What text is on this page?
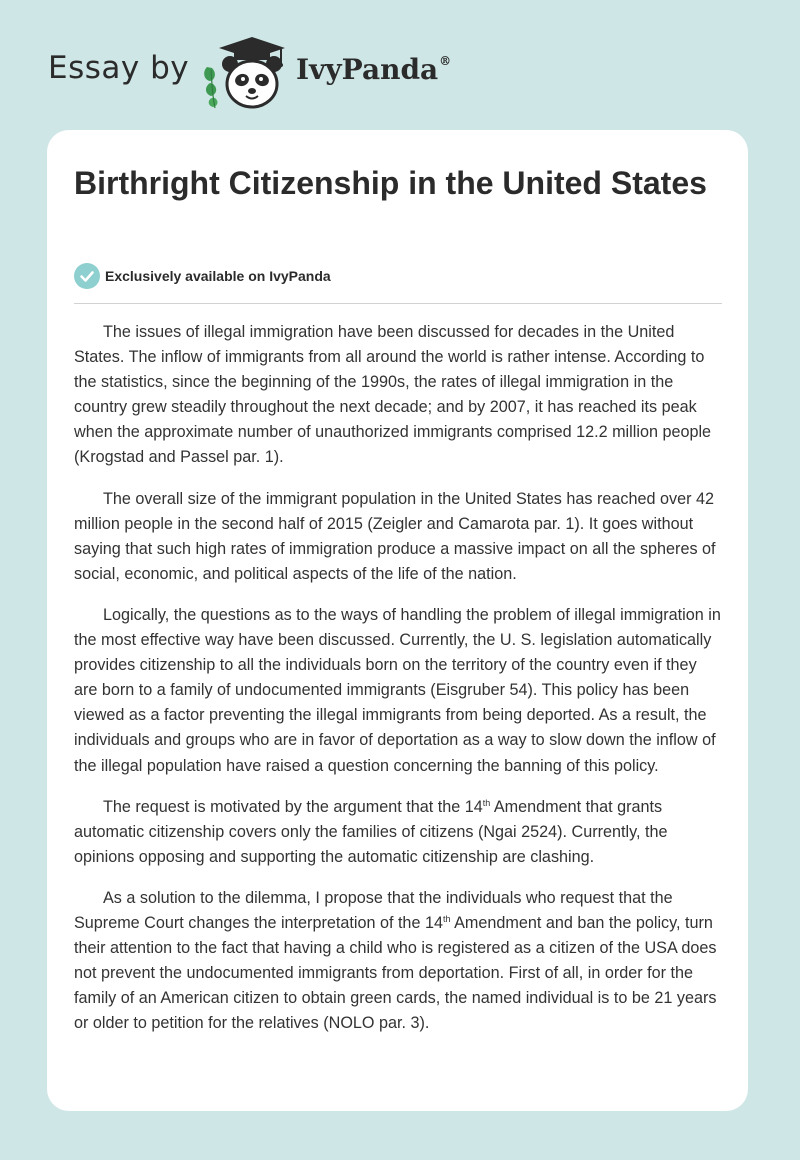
Essay by	IvyPanda®
Birthright Citizenship in the United States
Exclusively available on IvyPanda

The issues of illegal immigration have been discussed for decades in the United States. The inflow of immigrants from all around the world is rather intense. According to the statistics, since the beginning of the 1990s, the rates of illegal immigration in the country grew steadily throughout the next decade; and by 2007, it has reached its peak when the approximate number of unauthorized immigrants comprised 12.2 million people (Krogstad and Passel par. 1).

The overall size of the immigrant population in the United States has reached over 42 million people in the second half of 2015 (Zeigler and Camarota par. 1). It goes without saying that such high rates of immigration produce a massive impact on all the spheres of social, economic, and political aspects of the life of the nation.

Logically, the questions as to the ways of handling the problem of illegal immigration in the most effective way have been discussed. Currently, the U. S. legislation automatically provides citizenship to all the individuals born on the territory of the country even if they are born to a family of undocumented immigrants (Eisgruber 54). This policy has been viewed as a factor preventing the illegal immigrants from being deported. As a result, the individuals and groups who are in favor of deportation as a way to slow down the inflow of the illegal population have raised a question concerning the banning of this policy.

The request is motivated by the argument that the 14th Amendment that grants automatic citizenship covers only the families of citizens (Ngai 2524). Currently, the opinions opposing and supporting the automatic citizenship are clashing.

As a solution to the dilemma, I propose that the individuals who request that the Supreme Court changes the interpretation of the 14th Amendment and ban the policy, turn their attention to the fact that having a child who is registered as a citizen of the USA does not prevent the undocumented immigrants from deportation. First of all, in order for the family of an American citizen to obtain green cards, the named individual is to be 21 years or older to petition for the relatives (NOLO par. 3).
